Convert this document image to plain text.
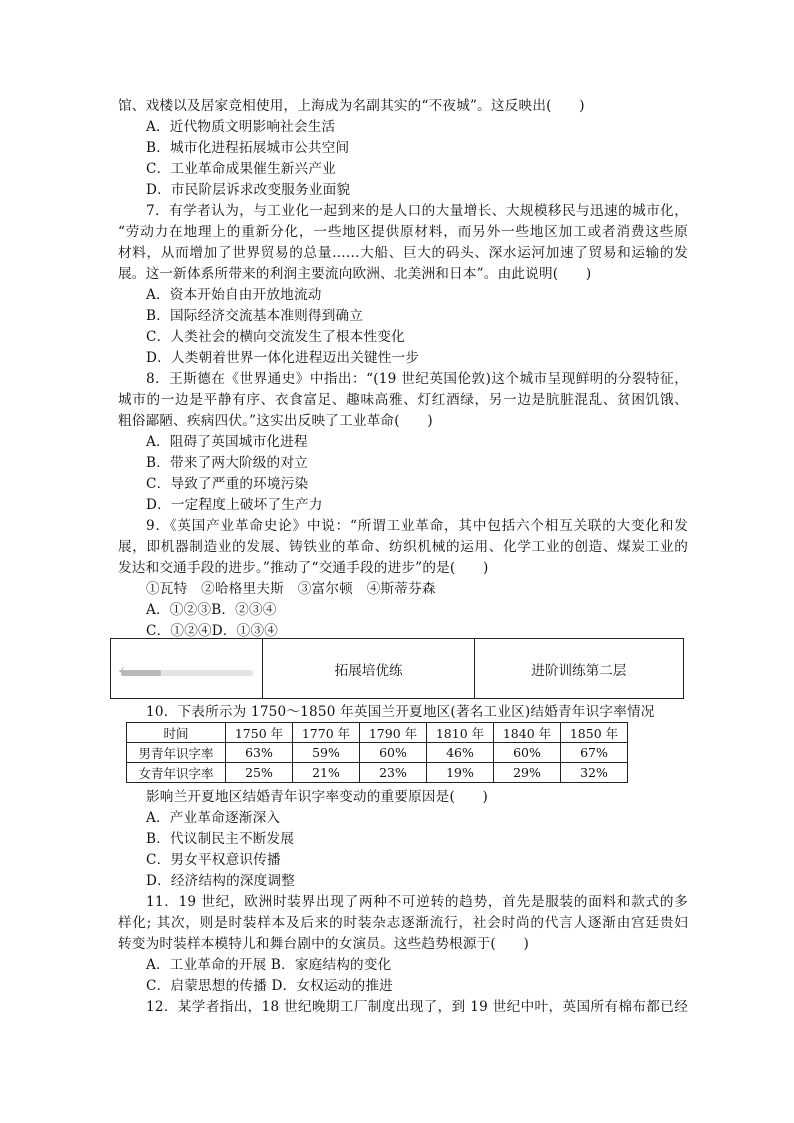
馆、戏楼以及居家竞相使用，上海成为名副其实的“不夜城”。这反映出(　　)
A．近代物质文明影响社会生活
B．城市化进程拓展城市公共空间
C．工业革命成果催生新兴产业
D．市民阶层诉求改变服务业面貌
7．有学者认为，与工业化一起到来的是人口的大量增长、大规模移民与迅速的城市化，
“劳动力在地理上的重新分化，一些地区提供原材料，而另外一些地区加工或者消费这些原
材料，从而增加了世界贸易的总量……大船、巨大的码头、深水运河加速了贸易和运输的发
展。这一新体系所带来的利润主要流向欧洲、北美洲和日本”。由此说明(　　)
A．资本开始自由开放地流动
B．国际经济交流基本准则得到确立
C．人类社会的横向交流发生了根本性变化
D．人类朝着世界一体化进程迈出关键性一步
8．王斯德在《世界通史》中指出：“(19 世纪英国伦敦)这个城市呈现鲜明的分裂特征，
城市的一边是平静有序、衣食富足、趣味高雅、灯红酒绿，另一边是肮脏混乱、贫困饥饿、
粗俗鄙陋、疾病四伏。”这实出反映了工业革命(　　)
A．阻碍了英国城市化进程
B．带来了两大阶级的对立
C．导致了严重的环境污染
D．一定程度上破坏了生产力
9．《英国产业革命史论》中说：“所谓工业革命，其中包括六个相互关联的大变化和发
展，即机器制造业的发展、铸铁业的革命、纺织机械的运用、化学工业的创造、煤炭工业的
发达和交通手段的进步。”推动了“交通手段的进步”的是(　　)
①瓦特　②哈格里夫斯　③富尔顿　④斯蒂芬森
A．①②③B．②③④
C．①②④D．①③④
✓	拓展培优练	进阶训练第二层
10．下表所示为 1750～1850 年英国兰开夏地区(著名工业区)结婚青年识字率情况
时间	1750 年	1770 年	1790 年	1810 年	1840 年	1850 年
男青年识字率	63%	59%	60%	46%	60%	67%
女青年识字率	25%	21%	23%	19%	29%	32%
影响兰开夏地区结婚青年识字率变动的重要原因是(　　)
A．产业革命逐渐深入
B．代议制民主不断发展
C．男女平权意识传播
D．经济结构的深度调整
11．19 世纪，欧洲时装界出现了两种不可逆转的趋势，首先是服装的面料和款式的多
样化; 其次，则是时装样本及后来的时装杂志逐渐流行，社会时尚的代言人逐渐由宫廷贵妇
转变为时装样本模特儿和舞台剧中的女演员。这些趋势根源于(　　)
A．工业革命的开展 B．家庭结构的变化
C．启蒙思想的传播 D．女权运动的推进
12．某学者指出，18 世纪晚期工厂制度出现了，到 19 世纪中叶，英国所有棉布都已经
